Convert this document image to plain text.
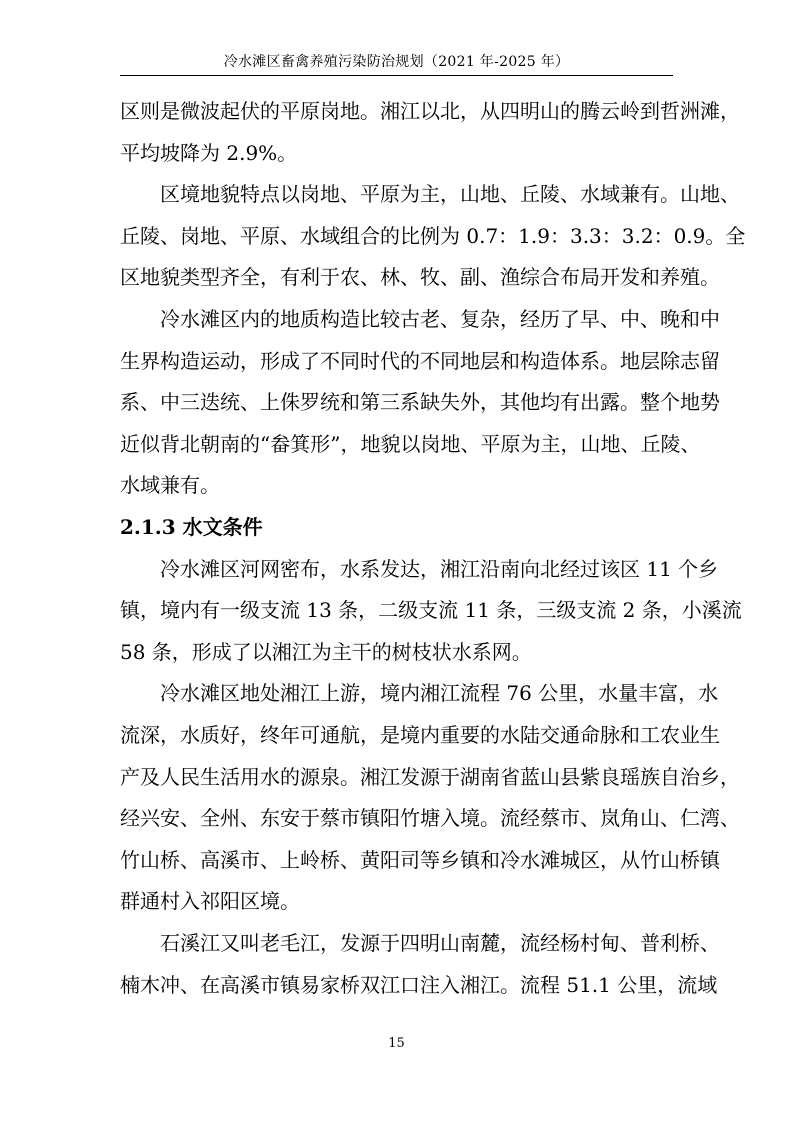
冷水滩区畜禽养殖污染防治规划（2021 年-2025 年）
区则是微波起伏的平原岗地。湘江以北，从四明山的腾云岭到哲洲滩，
平均坡降为 2.9%。
区境地貌特点以岗地、平原为主，山地、丘陵、水域兼有。山地、
丘陵、岗地、平原、水域组合的比例为 0.7：1.9：3.3：3.2：0.9。全
区地貌类型齐全，有利于农、林、牧、副、渔综合布局开发和养殖。
冷水滩区内的地质构造比较古老、复杂，经历了早、中、晚和中
生界构造运动，形成了不同时代的不同地层和构造体系。地层除志留
系、中三迭统、上侏罗统和第三系缺失外，其他均有出露。整个地势
近似背北朝南的“畚箕形”，地貌以岗地、平原为主，山地、丘陵、
水域兼有。
2.1.3 水文条件
冷水滩区河网密布，水系发达，湘江沿南向北经过该区 11 个乡
镇，境内有一级支流 13 条，二级支流 11 条，三级支流 2 条，小溪流
58 条，形成了以湘江为主干的树枝状水系网。
冷水滩区地处湘江上游，境内湘江流程 76 公里，水量丰富，水
流深，水质好，终年可通航，是境内重要的水陆交通命脉和工农业生
产及人民生活用水的源泉。湘江发源于湖南省蓝山县紫良瑶族自治乡，
经兴安、全州、东安于蔡市镇阳竹塘入境。流经蔡市、岚角山、仁湾、
竹山桥、高溪市、上岭桥、黄阳司等乡镇和冷水滩城区，从竹山桥镇
群通村入祁阳区境。
15
石溪江又叫老毛江，发源于四明山南麓，流经杨村甸、普利桥、
楠木冲、在高溪市镇易家桥双江口注入湘江。流程 51.1 公里，流域
